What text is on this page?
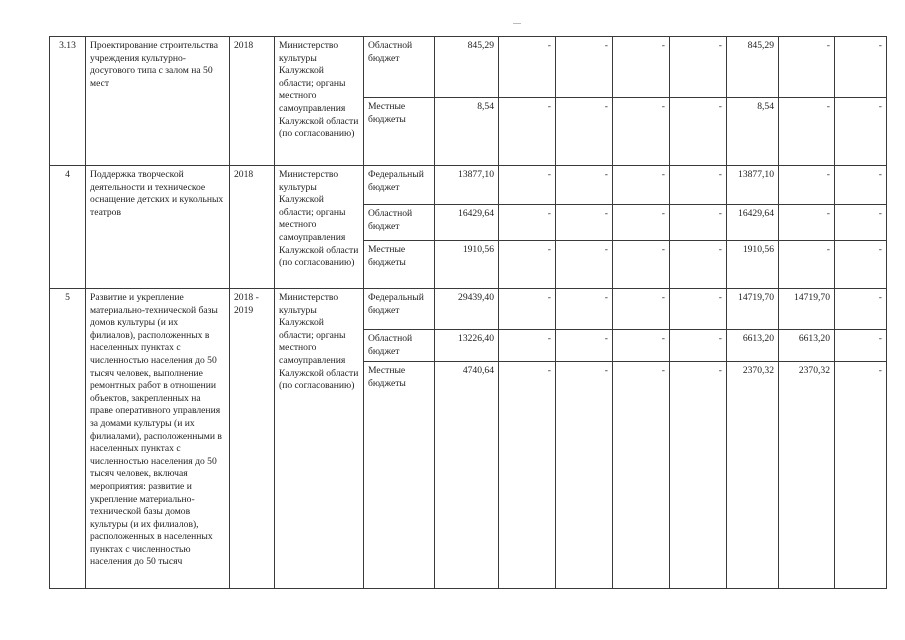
3.13	Проектирование строительства учреждения культурно-досугового типа с залом на 50 мест	2018	Министерство культуры Калужской области; органы местного самоуправления Калужской области (по согласованию)	Областной бюджет	845,29	-	-	-	-	845,29	-	-
				Местные бюджеты	8,54	-	-	-	-	8,54	-	-
4	Поддержка творческой деятельности и техническое оснащение детских и кукольных театров	2018	Министерство культуры Калужской области; органы местного самоуправления Калужской области (по согласованию)	Федеральный бюджет	13877,10	-	-	-	-	13877,10	-	-
				Областной бюджет	16429,64	-	-	-	-	16429,64	-	-
				Местные бюджеты	1910,56	-	-	-	-	1910,56	-	-
5	Развитие и укрепление материально-технической базы домов культуры (и их филиалов), расположенных в населенных пунктах с численностью населения до 50 тысяч человек, выполнение ремонтных работ в отношении объектов, закрепленных на праве оперативного управления за домами культуры (и их филиалами), расположенными в населенных пунктах с численностью населения до 50 тысяч человек, включая мероприятия: развитие и укрепление материально-технической базы домов культуры (и их филиалов), расположенных в населенных пунктах с численностью населения до 50 тысяч	2018 - 2019	Министерство культуры Калужской области; органы местного самоуправления Калужской области (по согласованию)	Федеральный бюджет	29439,40	-	-	-	-	14719,70	14719,70	-
				Областной бюджет	13226,40	-	-	-	-	6613,20	6613,20	-
				Местные бюджеты	4740,64	-	-	-	-	2370,32	2370,32	-
